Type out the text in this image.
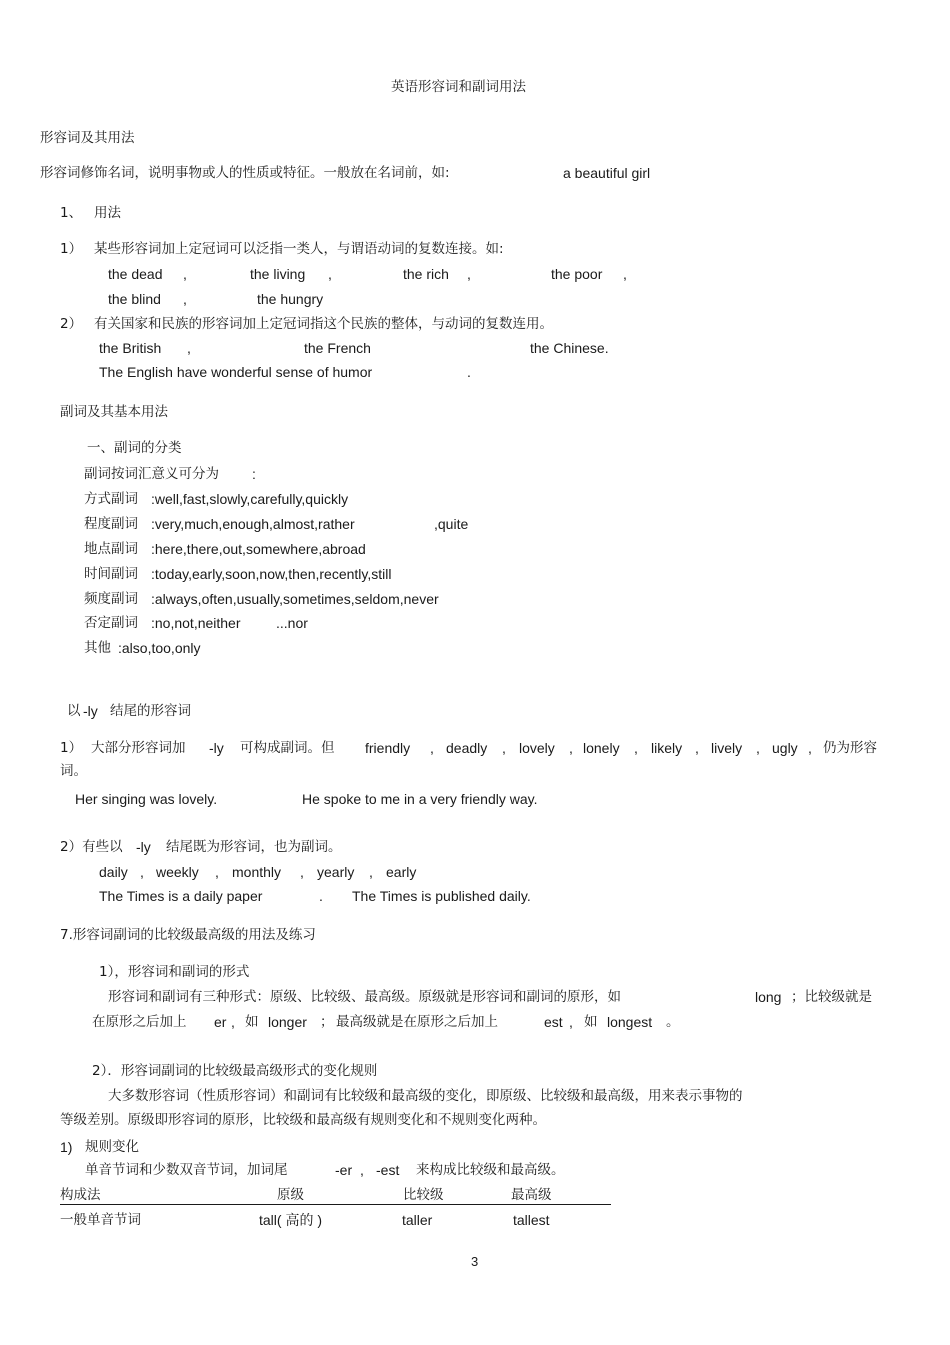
英语形容词和副词用法
形容词及其用法
形容词修饰名词，说明事物或人的性质或特征。一般放在名词前，如:	a beautiful girl
1、 用法
1） 某些形容词加上定冠词可以泛指一类人，与谓语动词的复数连接。如:
the dead ,	the living ,	the rich ,	the poor ,
the blind ,	the hungry
2） 有关国家和民族的形容词加上定冠词指这个民族的整体，与动词的复数连用。
the British ,	the French	the Chinese.
The English have wonderful sense of humor	.
副词及其基本用法
一、副词的分类
副词按词汇意义可分为 :
方式副词 :well,fast,slowly,carefully,quickly
程度副词 :very,much,enough,almost,rather	,quite
地点副词 :here,there,out,somewhere,abroad
时间副词 :today,early,soon,now,then,recently,still
频度副词 :always,often,usually,sometimes,seldom,never
否定副词 :no,not,neither	...nor
其他 :also,too,only
以 -ly 结尾的形容词
1） 大部分形容词加 -ly 可构成副词。但 friendly , deadly , lovely , lonely , likely , lively , ugly , 仍为形容
词。
Her singing was lovely.	He spoke to me in a very friendly way.
2）有些以 -ly 结尾既为形容词，也为副词。
daily , weekly , monthly , yearly , early
The Times is a daily paper	. The Times is published daily.
7.形容词副词的比较级最高级的用法及练习
1），形容词和副词的形式
形容词和副词有三种形式：原级、比较级、最高级。原级就是形容词和副词的原形，如	long ；比较级就是
在原形之后加上 er , 如 longer ； 最高级就是在原形之后加上	est , 如 longest 。
2）．形容词副词的比较级最高级形式的变化规则
大多数形容词（性质形容词）和副词有比较级和最高级的变化，即原级、比较级和最高级，用来表示事物的
等级差别。原级即形容词的原形，比较级和最高级有规则变化和不规则变化两种。
1) 规则变化
单音节词和少数双音节词，加词尾	-er , -est 来构成比较级和最高级。
构成法	原级	比较级	最高级
一般单音节词	tall( 高的 )	taller	tallest
3
